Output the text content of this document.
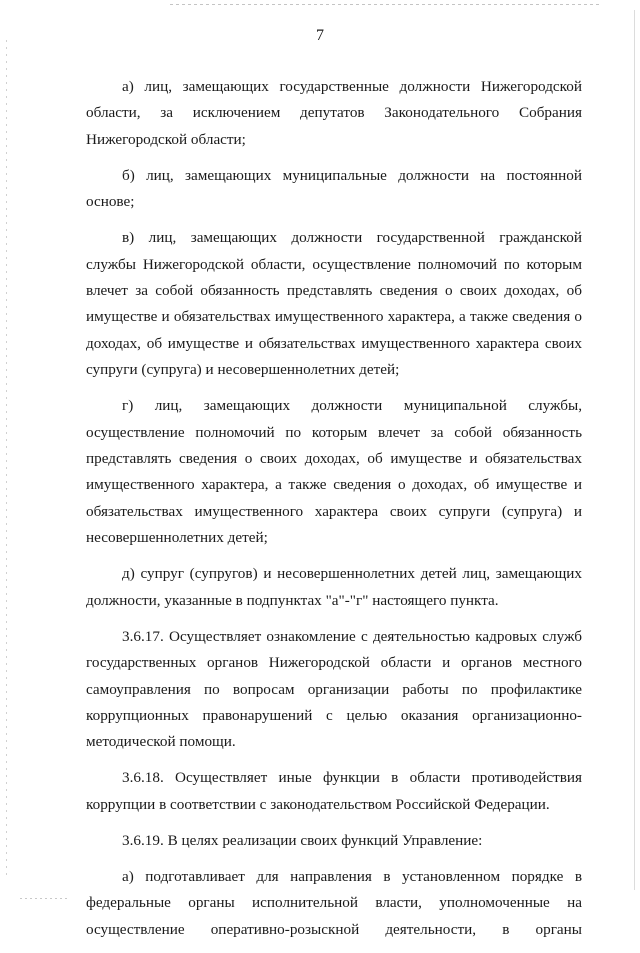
7

а) лиц, замещающих государственные должности Нижегородской области, за исключением депутатов Законодательного Собрания Нижегородской области;

б) лиц, замещающих муниципальные должности на постоянной основе;

в) лиц, замещающих должности государственной гражданской службы Нижегородской области, осуществление полномочий по которым влечет за собой обязанность представлять сведения о своих доходах, об имуществе и обязательствах имущественного характера, а также сведения о доходах, об имуществе и обязательствах имущественного характера своих супруги (супруга) и несовершеннолетних детей;

г) лиц, замещающих должности муниципальной службы, осуществление полномочий по которым влечет за собой обязанность представлять сведения о своих доходах, об имуществе и обязательствах имущественного характера, а также сведения о доходах, об имуществе и обязательствах имущественного характера своих супруги (супруга) и несовершеннолетних детей;

д) супруг (супругов) и несовершеннолетних детей лиц, замещающих должности, указанные в подпунктах "а"-"г" настоящего пункта.

3.6.17. Осуществляет ознакомление с деятельностью кадровых служб государственных органов Нижегородской области и органов местного самоуправления по вопросам организации работы по профилактике коррупционных правонарушений с целью оказания организационно-методической помощи.

3.6.18. Осуществляет иные функции в области противодействия коррупции в соответствии с законодательством Российской Федерации.

3.6.19. В целях реализации своих функций Управление:

а) подготавливает для направления в установленном порядке в федеральные органы исполнительной власти, уполномоченные на осуществление оперативно-розыскной деятельности, в органы
